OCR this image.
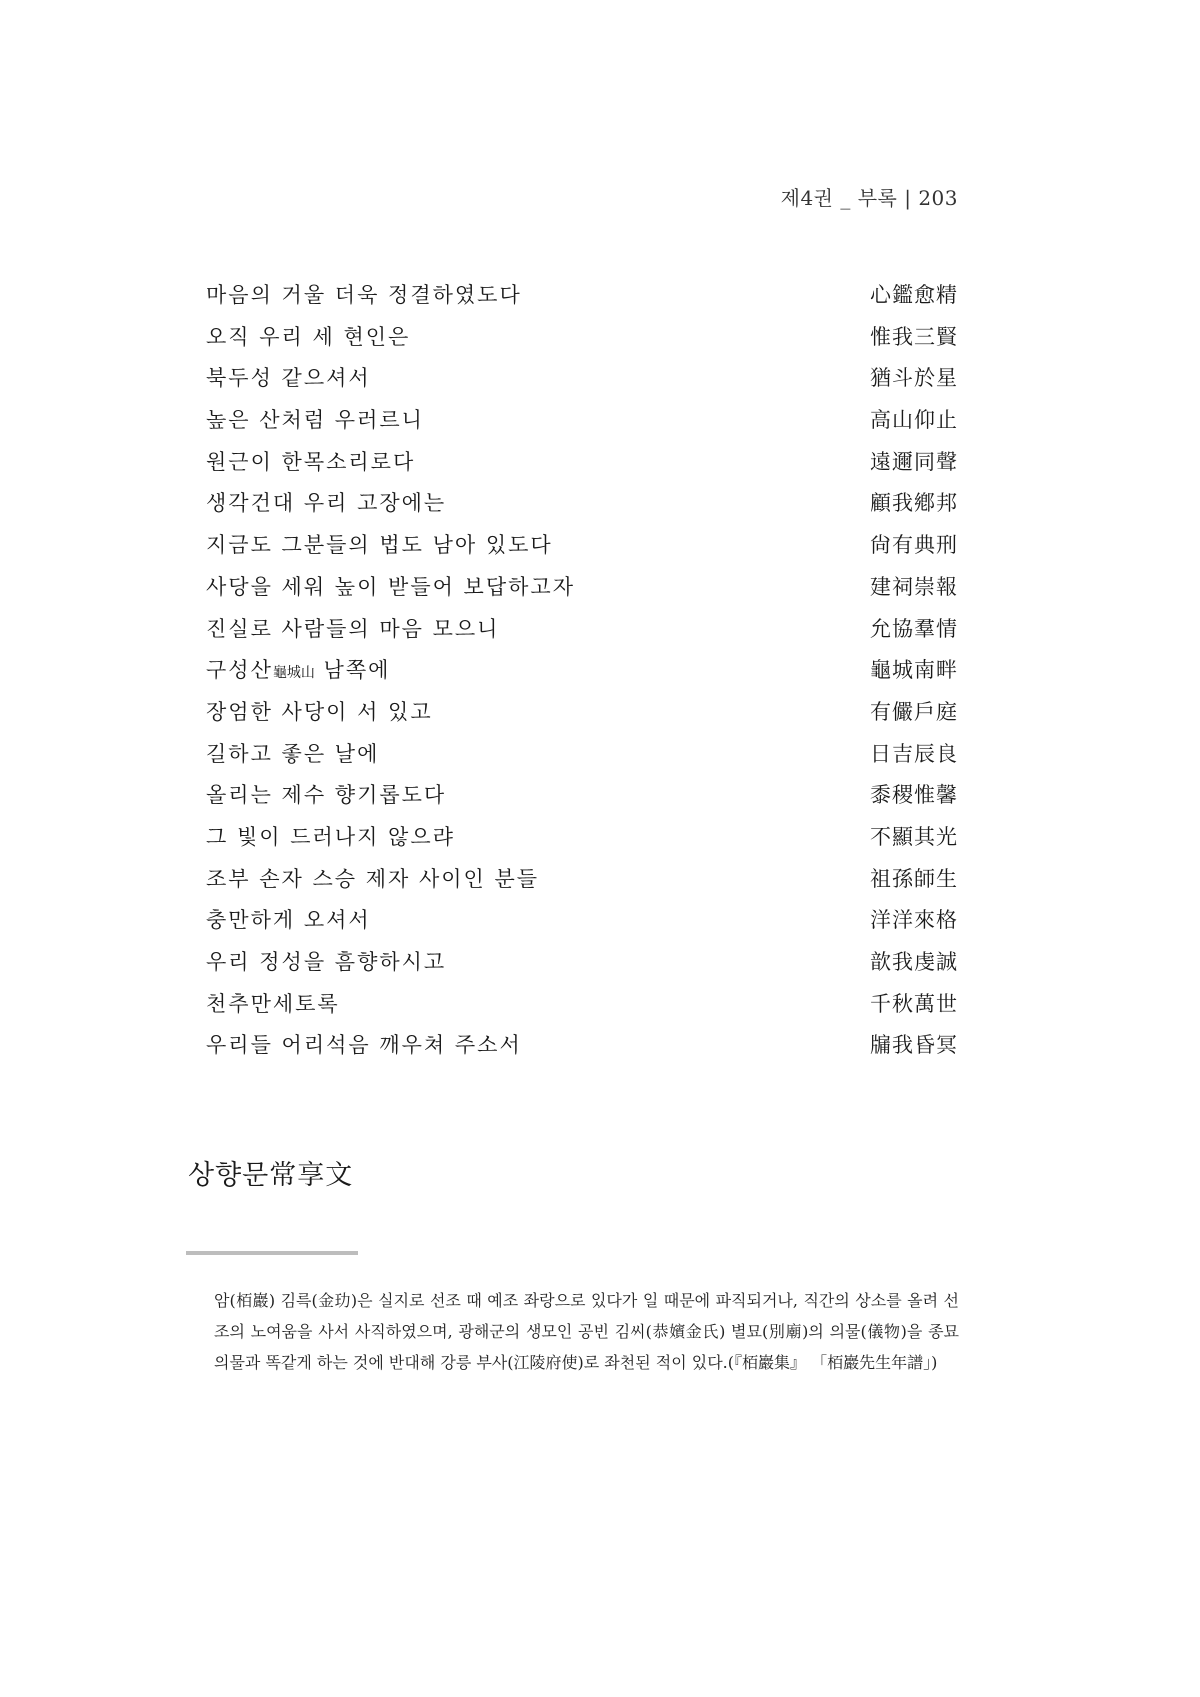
제4권 _ 부록 | 203
마음의 거울 더욱 정결하였도다	心鑑愈精
오직 우리 세 현인은	惟我三賢
북두성 같으셔서	猶斗於星
높은 산처럼 우러르니	高山仰止
원근이 한목소리로다	遠邇同聲
생각건대 우리 고장에는	顧我鄕邦
지금도 그분들의 법도 남아 있도다	尙有典刑
사당을 세워 높이 받들어 보답하고자	建祠崇報
진실로 사람들의 마음 모으니	允協羣情
구성산龜城山 남쪽에	龜城南畔
장엄한 사당이 서 있고	有儼戶庭
길하고 좋은 날에	日吉辰良
올리는 제수 향기롭도다	黍稷惟馨
그 빛이 드러나지 않으랴	不顯其光
조부 손자 스승 제자 사이인 분들	祖孫師生
충만하게 오셔서	洋洋來格
우리 정성을 흠향하시고	歆我虔誠
천추만세토록	千秋萬世
우리들 어리석음 깨우쳐 주소서	牖我昏冥
상향문常享文
암(栢巖) 김륵(金玏)은 실지로 선조 때 예조 좌랑으로 있다가 일 때문에 파직되거나, 직간의 상소를 올려 선조의 노여움을 사서 사직하였으며, 광해군의 생모인 공빈 김씨(恭嬪金氏) 별묘(別廟)의 의물(儀物)을 종묘 의물과 똑같게 하는 것에 반대해 강릉 부사(江陵府使)로 좌천된 적이 있다.(『栢巖集』 「栢巖先生年譜」)
